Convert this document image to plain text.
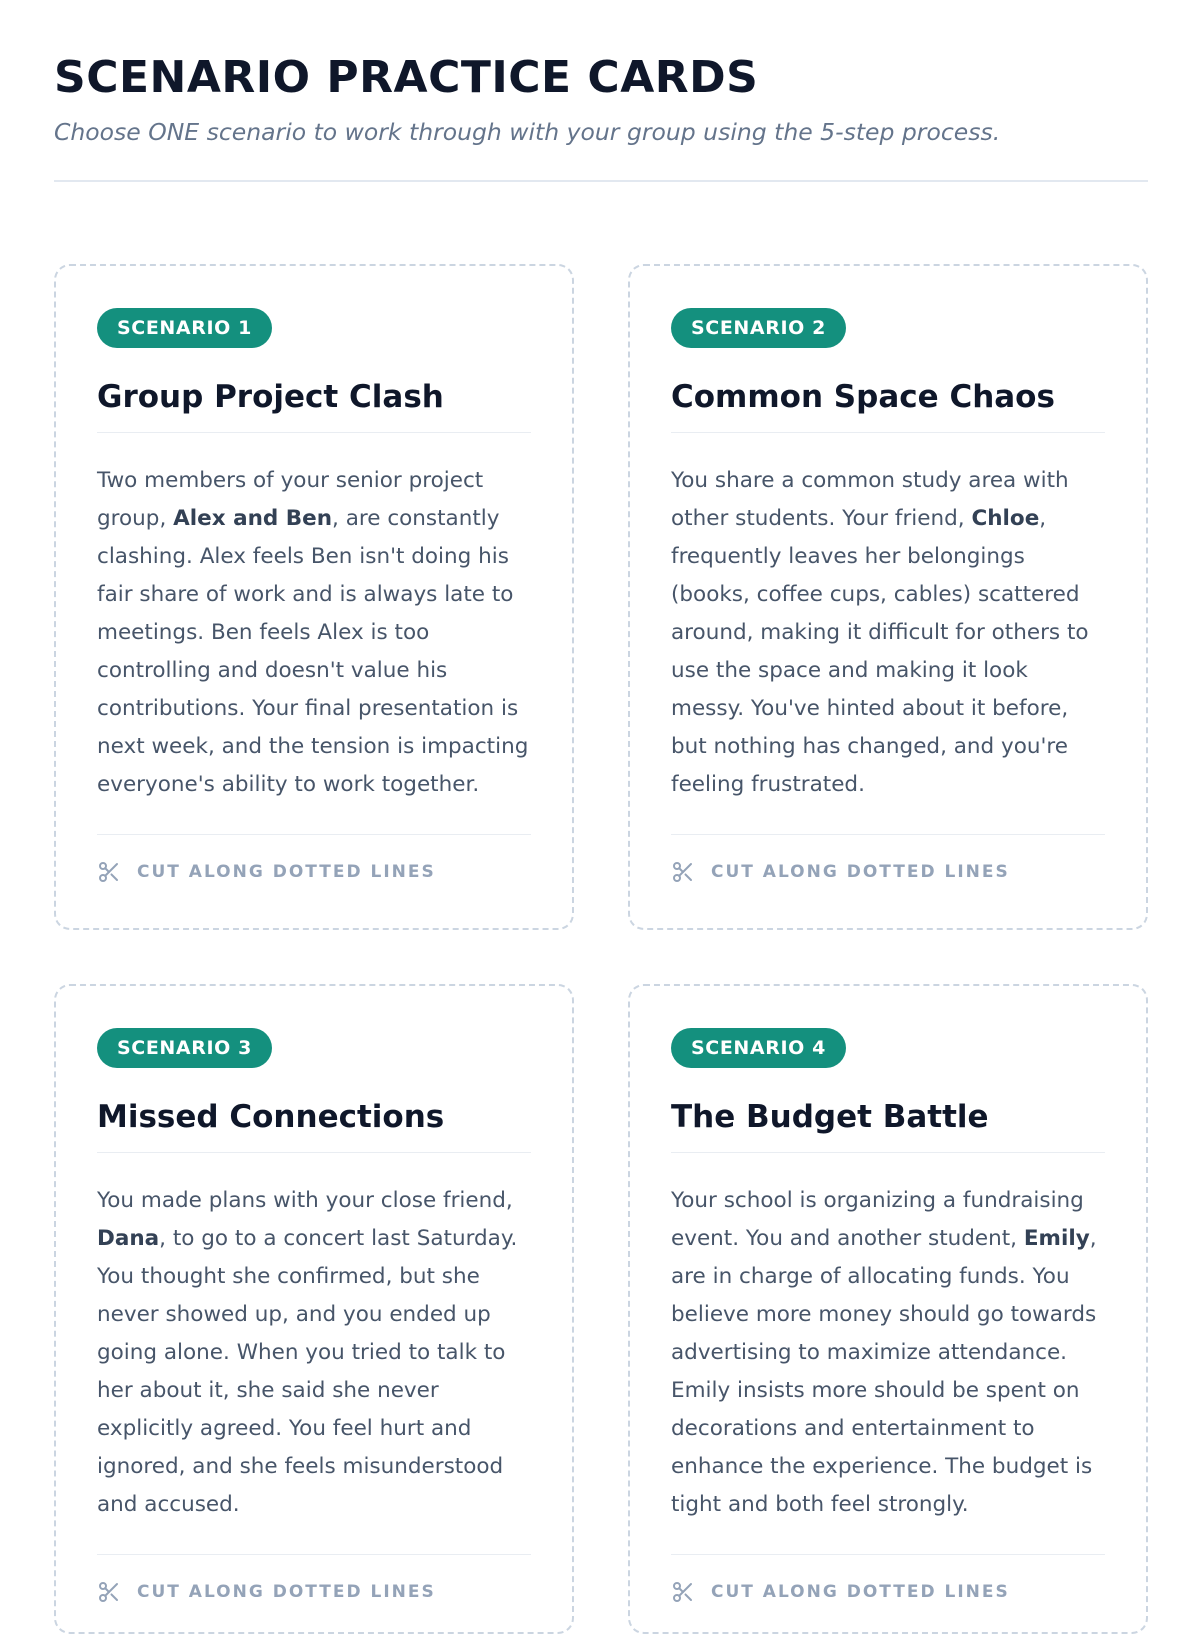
SCENARIO PRACTICE CARDS

Choose ONE scenario to work through with your group using the 5-step process.

SCENARIO 1
Group Project Clash

Two members of your senior project group, Alex and Ben, are constantly clashing. Alex feels Ben isn't doing his fair share of work and is always late to meetings. Ben feels Alex is too controlling and doesn't value his contributions. Your final presentation is next week, and the tension is impacting everyone's ability to work together.

CUT ALONG DOTTED LINES
SCENARIO 2
Common Space Chaos

You share a common study area with other students. Your friend, Chloe, frequently leaves her belongings (books, coffee cups, cables) scattered around, making it difficult for others to use the space and making it look messy. You've hinted about it before, but nothing has changed, and you're feeling frustrated.

CUT ALONG DOTTED LINES
SCENARIO 3
Missed Connections

You made plans with your close friend, Dana, to go to a concert last Saturday. You thought she confirmed, but she never showed up, and you ended up going alone. When you tried to talk to her about it, she said she never explicitly agreed. You feel hurt and ignored, and she feels misunderstood and accused.

CUT ALONG DOTTED LINES
SCENARIO 4
The Budget Battle

Your school is organizing a fundraising event. You and another student, Emily, are in charge of allocating funds. You believe more money should go towards advertising to maximize attendance. Emily insists more should be spent on decorations and entertainment to enhance the experience. The budget is tight and both feel strongly.

CUT ALONG DOTTED LINES
